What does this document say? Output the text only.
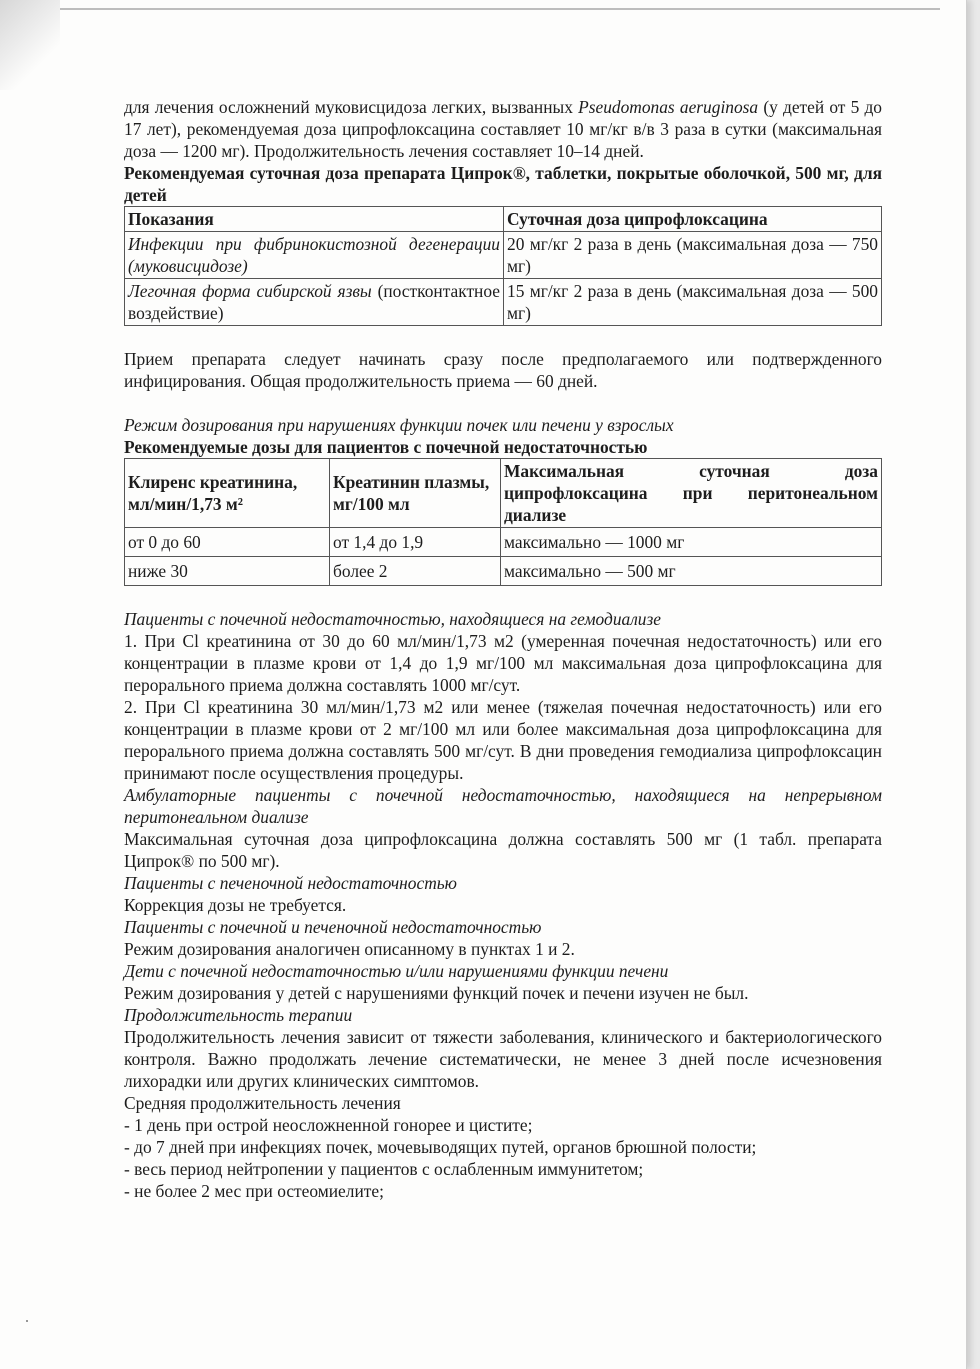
для лечения осложнений муковисцидоза легких, вызванных Pseudomonas aeruginosa (у детей от 5 до 17 лет), рекомендуемая доза ципрофлоксацина составляет 10 мг/кг в/в 3 раза в сутки (максимальная доза — 1200 мг). Продолжительность лечения составляет 10–14 дней.

Рекомендуемая суточная доза препарата Ципрок®, таблетки, покрытые оболочкой, 500 мг, для детей

Показания	Суточная доза ципрофлоксацина
Инфекции при фибринокистозной дегенерации (муковисцидозе)	20 мг/кг 2 раза в день (максимальная доза — 750 мг)
Легочная форма сибирской язвы (постконтактное воздействие)	15 мг/кг 2 раза в день (максимальная доза — 500 мг)

Прием препарата следует начинать сразу после предполагаемого или подтвержденного инфицирования. Общая продолжительность приема — 60 дней.

Режим дозирования при нарушениях функции почек или печени у взрослых

Рекомендуемые дозы для пациентов с почечной недостаточностью

Клиренс креатинина, мл/мин/1,73 м²	Креатинин плазмы, мг/100 мл	Максимальная суточная доза ципрофлоксацина при перитонеальном диализе
от 0 до 60	от 1,4 до 1,9	максимально — 1000 мг
ниже 30	более 2	максимально — 500 мг

Пациенты с почечной недостаточностью, находящиеся на гемодиализе

1. При Cl креатинина от 30 до 60 мл/мин/1,73 м2 (умеренная почечная недостаточность) или его концентрации в плазме крови от 1,4 до 1,9 мг/100 мл максимальная доза ципрофлоксацина для перорального приема должна составлять 1000 мг/сут.

2. При Cl креатинина 30 мл/мин/1,73 м2 или менее (тяжелая почечная недостаточность) или его концентрации в плазме крови от 2 мг/100 мл или более максимальная доза ципрофлоксацина для перорального приема должна составлять 500 мг/сут. В дни проведения гемодиализа ципрофлоксацин принимают после осуществления процедуры.

Амбулаторные пациенты с почечной недостаточностью, находящиеся на непрерывном перитонеальном диализе

Максимальная суточная доза ципрофлоксацина должна составлять 500 мг (1 табл. препарата Ципрок® по 500 мг).

Пациенты с печеночной недостаточностью

Коррекция дозы не требуется.

Пациенты с почечной и печеночной недостаточностью

Режим дозирования аналогичен описанному в пунктах 1 и 2.

Дети с почечной недостаточностью и/или нарушениями функции печени

Режим дозирования у детей с нарушениями функций почек и печени изучен не был.

Продолжительность терапии

Продолжительность лечения зависит от тяжести заболевания, клинического и бактериологического контроля. Важно продолжать лечение систематически, не менее 3 дней после исчезновения лихорадки или других клинических симптомов.

Средняя продолжительность лечения

- 1 день при острой неосложненной гонорее и цистите;

- до 7 дней при инфекциях почек, мочевыводящих путей, органов брюшной полости;

- весь период нейтропении у пациентов с ослабленным иммунитетом;

- не более 2 мес при остеомиелите;
